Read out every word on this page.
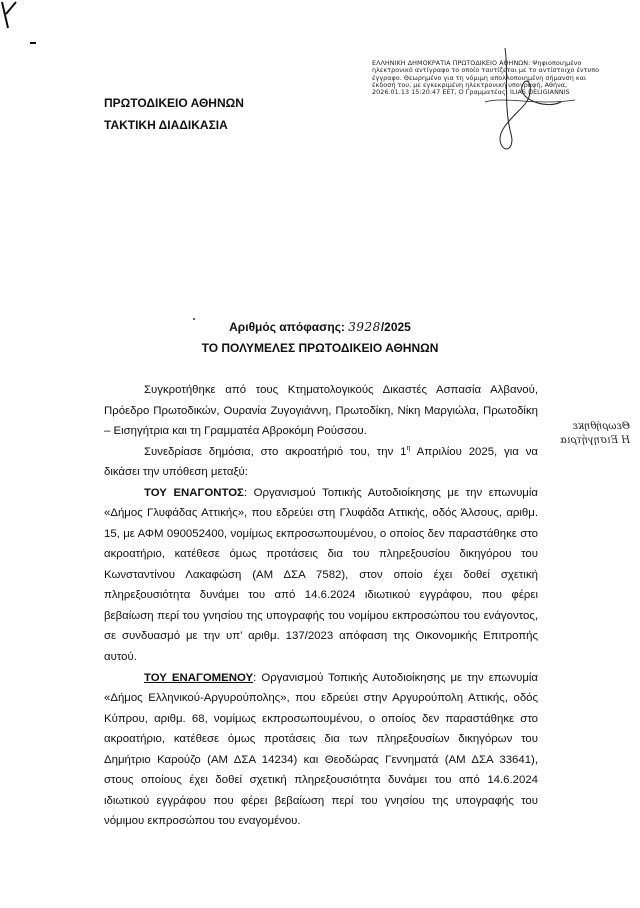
ΕΛΛΗΝΙΚΗ ΔΗΜΟΚΡΑΤΙΑ ΠΡΩΤΟΔΙΚΕΙΟ ΑΘΗΝΩΝ: Ψηφιοποιημένο
ηλεκτρονικό αντίγραφο το οποίο ταυτίζεται με το αντίστοιχο έντυπο
έγγραφο. Θεωρημένο για τη νόμιμη απολλοποιημένη σήμανση και
έκδοσή του, με εγκεκριμένη ηλεκτρονική υπογραφή, Αθήνα,
2026.01.13 15:20:47 EET, Ο Γραμματέας: ILIAS DELIGIANNIS
ΠΡΩΤΟΔΙΚΕΙΟ ΑΘΗΝΩΝ
ΤΑΚΤΙΚΗ ΔΙΑΔΙΚΑΣΙΑ
Αριθμός απόφασης: 3928/2025
ΤΟ ΠΟΛΥΜΕΛΕΣ ΠΡΩΤΟΔΙΚΕΙΟ ΑΘΗΝΩΝ
Θεωρήθηκε
Η Εισηγήτρια

Συγκροτήθηκε από τους Κτηματολογικούς Δικαστές Ασπασία Αλβανού, Πρόεδρο Πρωτοδικών, Ουρανία Ζυγογιάννη, Πρωτοδίκη, Νίκη Μαργιώλα, Πρωτοδίκη – Εισηγήτρια και τη Γραμματέα Αβροκόμη Ρούσσου.

Συνεδρίασε δημόσια, στο ακροατήριό του, την $1^\eta$ Απριλίου 2025, για να δικάσει την υπόθεση μεταξύ:

ΤΟΥ ΕΝΑΓΟΝΤΟΣ: Οργανισμού Τοπικής Αυτοδιοίκησης με την επωνυμία «Δήμος Γλυφάδας Αττικής», που εδρεύει στη Γλυφάδα Αττικής, οδός Άλσους, αριθμ. 15, με ΑΦΜ 090052400, νομίμως εκπροσωπουμένου, ο οποίος δεν παραστάθηκε στο ακροατήριο, κατέθεσε όμως προτάσεις δια του πληρεξουσίου δικηγόρου του Κωνσταντίνου Λακαφώση (ΑΜ ΔΣΑ 7582), στον οποίο έχει δοθεί σχετική πληρεξουσιότητα δυνάμει του από 14.6.2024 ιδιωτικού εγγράφου, που φέρει βεβαίωση περί του γνησίου της υπογραφής του νομίμου εκπροσώπου του ενάγοντος, σε συνδυασμό με την υπ’ αριθμ. 137/2023 απόφαση της Οικονομικής Επιτροπής αυτού.

ΤΟΥ ΕΝΑΓΟΜΕΝΟΥ: Οργανισμού Τοπικής Αυτοδιοίκησης με την επωνυμία «Δήμος Ελληνικού-Αργυρούπολης», που εδρεύει στην Αργυρούπολη Αττικής, οδός Κύπρου, αριθμ. 68, νομίμως εκπροσωπουμένου, ο οποίος δεν παραστάθηκε στο ακροατήριο, κατέθεσε όμως προτάσεις δια των πληρεξουσίων δικηγόρων του Δημήτριο Καρούζο (ΑΜ ΔΣΑ 14234) και Θεοδώρας Γεννηματά (ΑΜ ΔΣΑ 33641), στους οποίους έχει δοθεί σχετική πληρεξουσιότητα δυνάμει του από 14.6.2024 ιδιωτικού εγγράφου που φέρει βεβαίωση περί του γνησίου της υπογραφής του νόμιμου εκπροσώπου του εναγομένου.
